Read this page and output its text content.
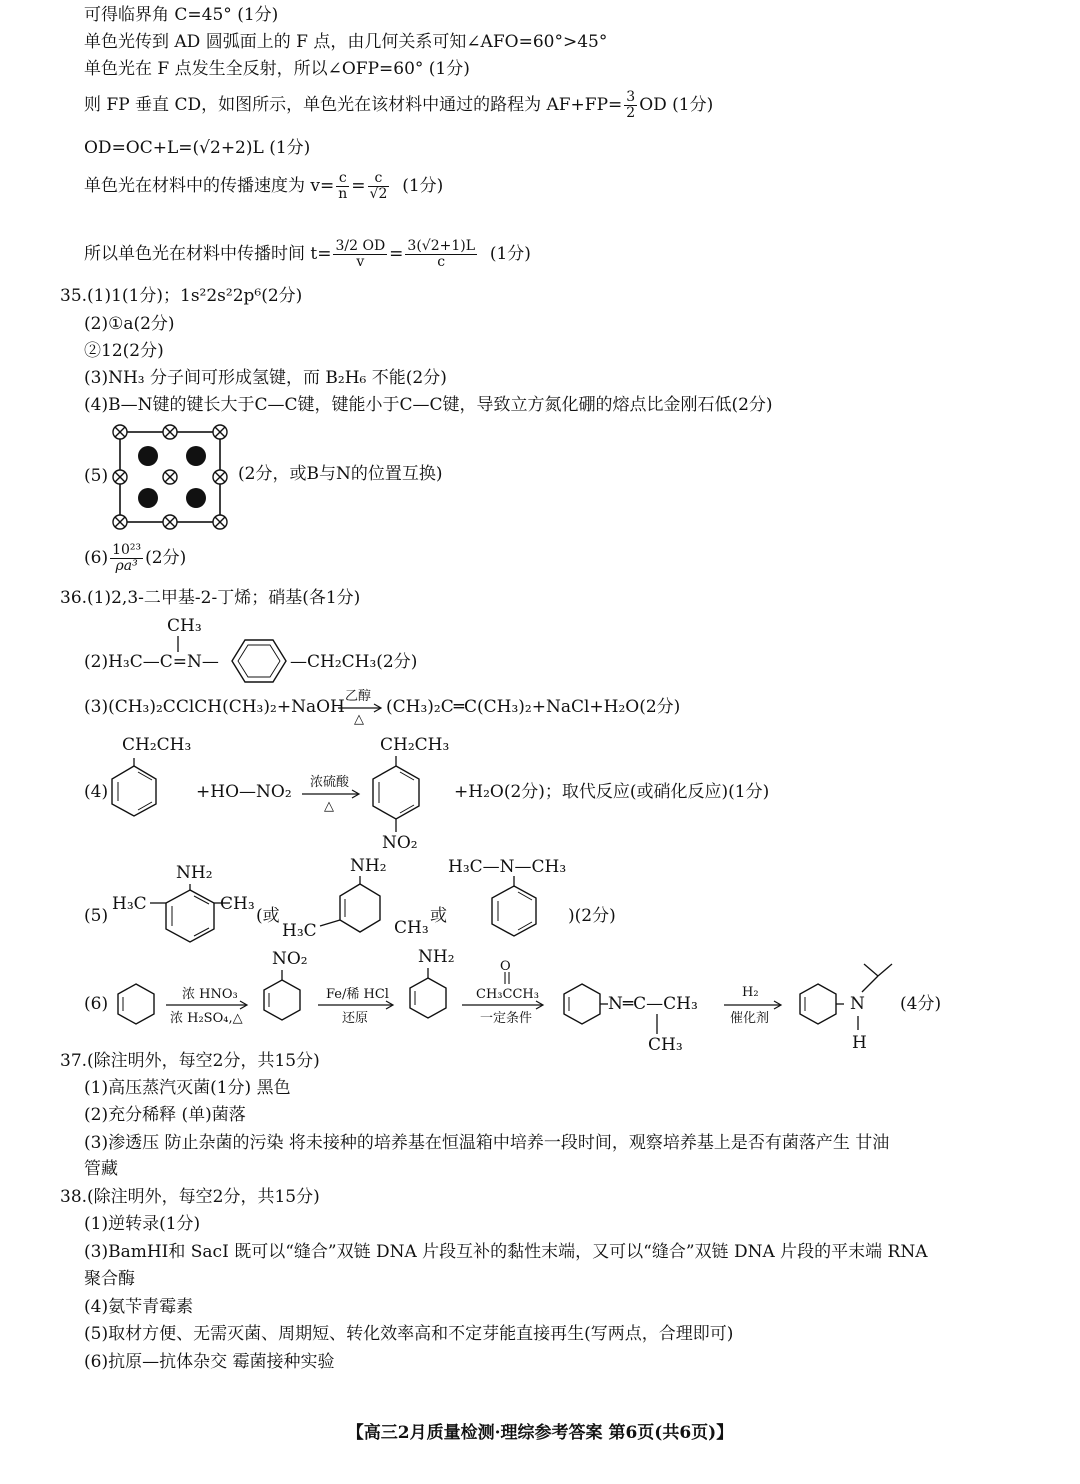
可得临界角 C=45° (1分)
单色光传到 AD 圆弧面上的 F 点，由几何关系可知∠AFO=60°>45°
单色光在 F 点发生全反射，所以∠OFP=60° (1分)
则 FP 垂直 CD，如图所示，单色光在该材料中通过的路程为 $AF+FP= \frac{3}{2}$ OD (1分)
OD=OC+L=(√2+2)L (1分)
单色光在材料中的传播速度为 $v= \frac{c}{n} = \frac{c}{√2} (1$分)
所以单色光在材料中传播时间 $t= \frac{3/2 OD}{v} = \frac{3(√2+1)L}{c} (1$分)
35.(1)1(1分)；1s²2s²2p⁶(2分)
(2)①a(2分)
②12(2分)
(3)NH₃ 分子间可形成氢键，而 B₂H₆ 不能(2分)
(4)B—N键的键长大于C—C键，键能小于C—C键，导致立方氮化硼的熔点比金刚石低(2分)
(5)	(2分，或B与N的位置互换)
$(6) \frac{\text{10²³}}{\text{ρa³}} (2$分)
36.(1)2,3-二甲基-2-丁烯；硝基(各1分)
CH₃
(2)H₃C—C=N—	—CH₂CH₃(2分)
(3)(CH₃)₂CClCH(CH₃)₂+NaOH
乙醇
△
(CH₃)₂C═C(CH₃)₂+NaCl+H₂O(2分)
CH₂CH₃
(4)	+HO—NO₂ 浓硫酸
△
CH₂CH₃
NO₂
+H₂O(2分)；取代反应(或硝化反应)(1分)
NH₂
(5)
H₃C	CH₃
(或
NH₂
H₃C	CH₃
或
H₃C—N—CH₃
)(2分)
(6)	浓 HNO₃
浓 H₂SO₄,△
NO₂
Fe/稀 HCl
还原
NH₂	O
CH₃CCH₃
一定条件
N═C—CH₃
CH₃
H₂
催化剂
N
H
(4分)
37.(除注明外，每空2分，共15分)
(1)高压蒸汽灭菌(1分) 黑色
(2)充分稀释 (单)菌落
(3)渗透压 防止杂菌的污染 将未接种的培养基在恒温箱中培养一段时间，观察培养基上是否有菌落产生 甘油
管藏
38.(除注明外，每空2分，共15分)
(1)逆转录(1分)
(3)BamHⅠ和 SacⅠ 既可以“缝合”双链 DNA 片段互补的黏性末端，又可以“缝合”双链 DNA 片段的平末端 RNA
聚合酶
(4)氨苄青霉素
(5)取材方便、无需灭菌、周期短、转化效率高和不定芽能直接再生(写两点，合理即可)
(6)抗原—抗体杂交 霉菌接种实验
【高三2月质量检测·理综参考答案 第6页(共6页)】
